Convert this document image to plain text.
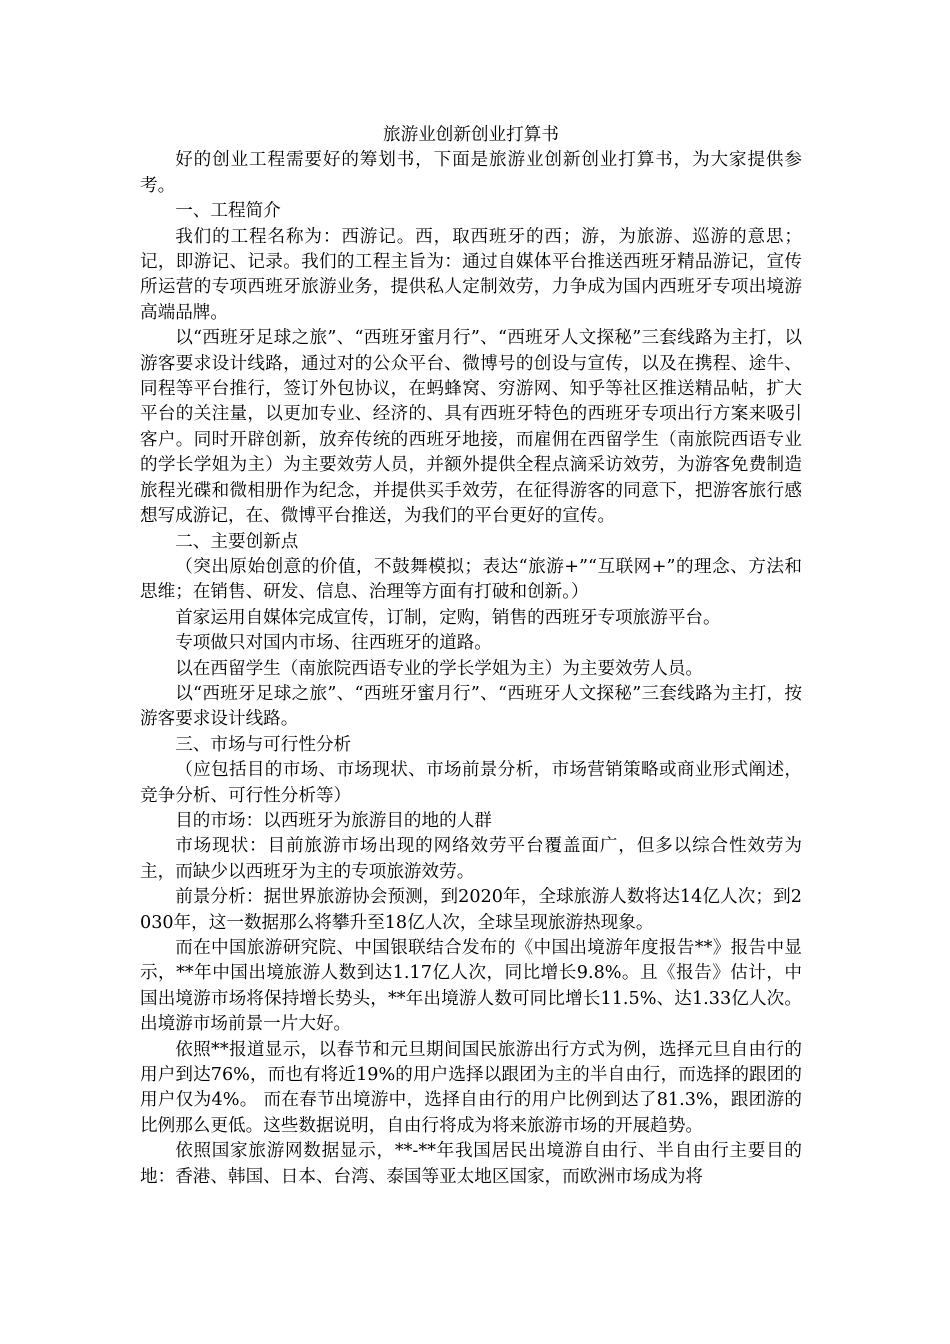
旅游业创新创业打算书

好的创业工程需要好的筹划书，下面是旅游业创新创业打算书，为大家提供参考。

一、工程简介

我们的工程名称为：西游记。西，取西班牙的西；游，为旅游、巡游的意思；记，即游记、记录。我们的工程主旨为：通过自媒体平台推送西班牙精品游记，宣传所运营的专项西班牙旅游业务，提供私人定制效劳，力争成为国内西班牙专项出境游高端品牌。

以“西班牙足球之旅”、“西班牙蜜月行”、“西班牙人文探秘”三套线路为主打，以游客要求设计线路，通过对的公众平台、微博号的创设与宣传，以及在携程、途牛、同程等平台推行，签订外包协议，在蚂蜂窝、穷游网、知乎等社区推送精品帖，扩大平台的关注量，以更加专业、经济的、具有西班牙特色的西班牙专项出行方案来吸引客户。同时开辟创新，放弃传统的西班牙地接，而雇佣在西留学生（南旅院西语专业的学长学姐为主）为主要效劳人员，并额外提供全程点滴采访效劳，为游客免费制造旅程光碟和微相册作为纪念，并提供买手效劳，在征得游客的同意下，把游客旅行感想写成游记，在、微博平台推送，为我们的平台更好的宣传。

二、主要创新点

（突出原始创意的价值，不鼓舞模拟；表达“旅游+”“互联网+”的理念、方法和思维；在销售、研发、信息、治理等方面有打破和创新。）

首家运用自媒体完成宣传，订制，定购，销售的西班牙专项旅游平台。

专项做只对国内市场、往西班牙的道路。

以在西留学生（南旅院西语专业的学长学姐为主）为主要效劳人员。

以“西班牙足球之旅”、“西班牙蜜月行”、“西班牙人文探秘”三套线路为主打，按游客要求设计线路。

三、市场与可行性分析

（应包括目的市场、市场现状、市场前景分析，市场营销策略或商业形式阐述，竞争分析、可行性分析等）

目的市场：以西班牙为旅游目的地的人群

市场现状：目前旅游市场出现的网络效劳平台覆盖面广，但多以综合性效劳为主，而缺少以西班牙为主的专项旅游效劳。

前景分析：据世界旅游协会预测，到2020年，全球旅游人数将达14亿人次；到2030年，这一数据那么将攀升至18亿人次，全球呈现旅游热现象。

而在中国旅游研究院、中国银联结合发布的《中国出境游年度报告**》报告中显示，**年中国出境旅游人数到达1.17亿人次，同比增长9.8%。且《报告》估计，中国出境游市场将保持增长势头，**年出境游人数可同比增长11.5%、达1.33亿人次。出境游市场前景一片大好。

依照**报道显示，以春节和元旦期间国民旅游出行方式为例，选择元旦自由行的用户到达76%，而也有将近19%的用户选择以跟团为主的半自由行，而选择的跟团的用户仅为4%。 而在春节出境游中，选择自由行的用户比例到达了81.3%，跟团游的比例那么更低。这些数据说明，自由行将成为将来旅游市场的开展趋势。

依照国家旅游网数据显示，**-**年我国居民出境游自由行、半自由行主要目的地：香港、韩国、日本、台湾、泰国等亚太地区国家，而欧洲市场成为将
